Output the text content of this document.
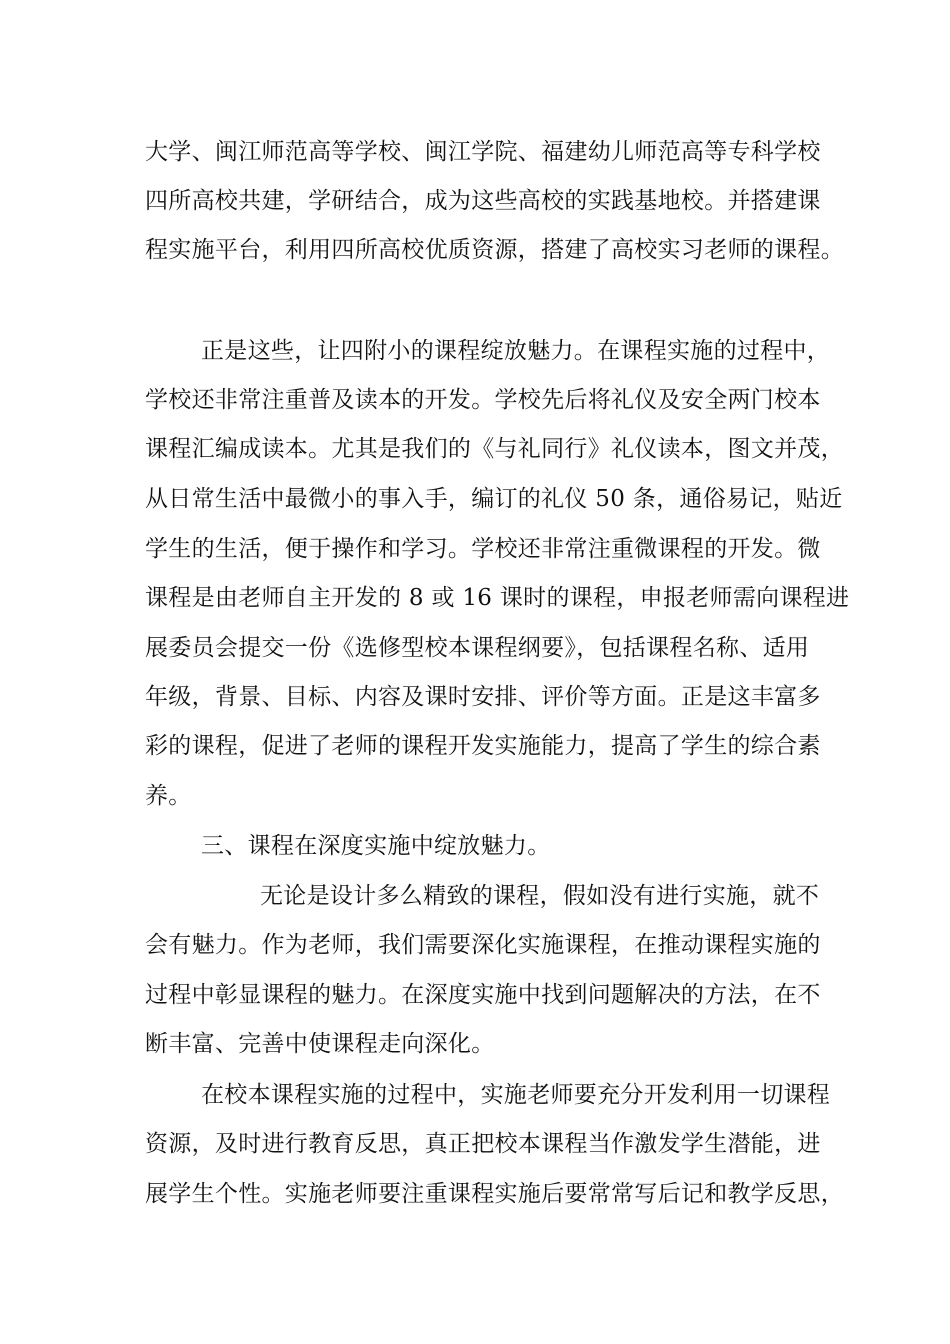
大学、闽江师范高等学校、闽江学院、福建幼儿师范高等专科学校
四所高校共建，学研结合，成为这些高校的实践基地校。并搭建课
程实施平台，利用四所高校优质资源，搭建了高校实习老师的课程。
正是这些，让四附小的课程绽放魅力。在课程实施的过程中，
学校还非常注重普及读本的开发。学校先后将礼仪及安全两门校本
课程汇编成读本。尤其是我们的《与礼同行》礼仪读本，图文并茂，
从日常生活中最微小的事入手，编订的礼仪 50 条，通俗易记，贴近
学生的生活，便于操作和学习。学校还非常注重微课程的开发。微
课程是由老师自主开发的 8 或 16 课时的课程，申报老师需向课程进
展委员会提交一份《选修型校本课程纲要》，包括课程名称、适用
年级，背景、目标、内容及课时安排、评价等方面。正是这丰富多
彩的课程，促进了老师的课程开发实施能力，提高了学生的综合素
养。
三、课程在深度实施中绽放魅力。
无论是设计多么精致的课程，假如没有进行实施，就不
会有魅力。作为老师，我们需要深化实施课程，在推动课程实施的
过程中彰显课程的魅力。在深度实施中找到问题解决的方法，在不
断丰富、完善中使课程走向深化。
在校本课程实施的过程中，实施老师要充分开发利用一切课程
资源，及时进行教育反思，真正把校本课程当作激发学生潜能，进
展学生个性。实施老师要注重课程实施后要常常写后记和教学反思，
